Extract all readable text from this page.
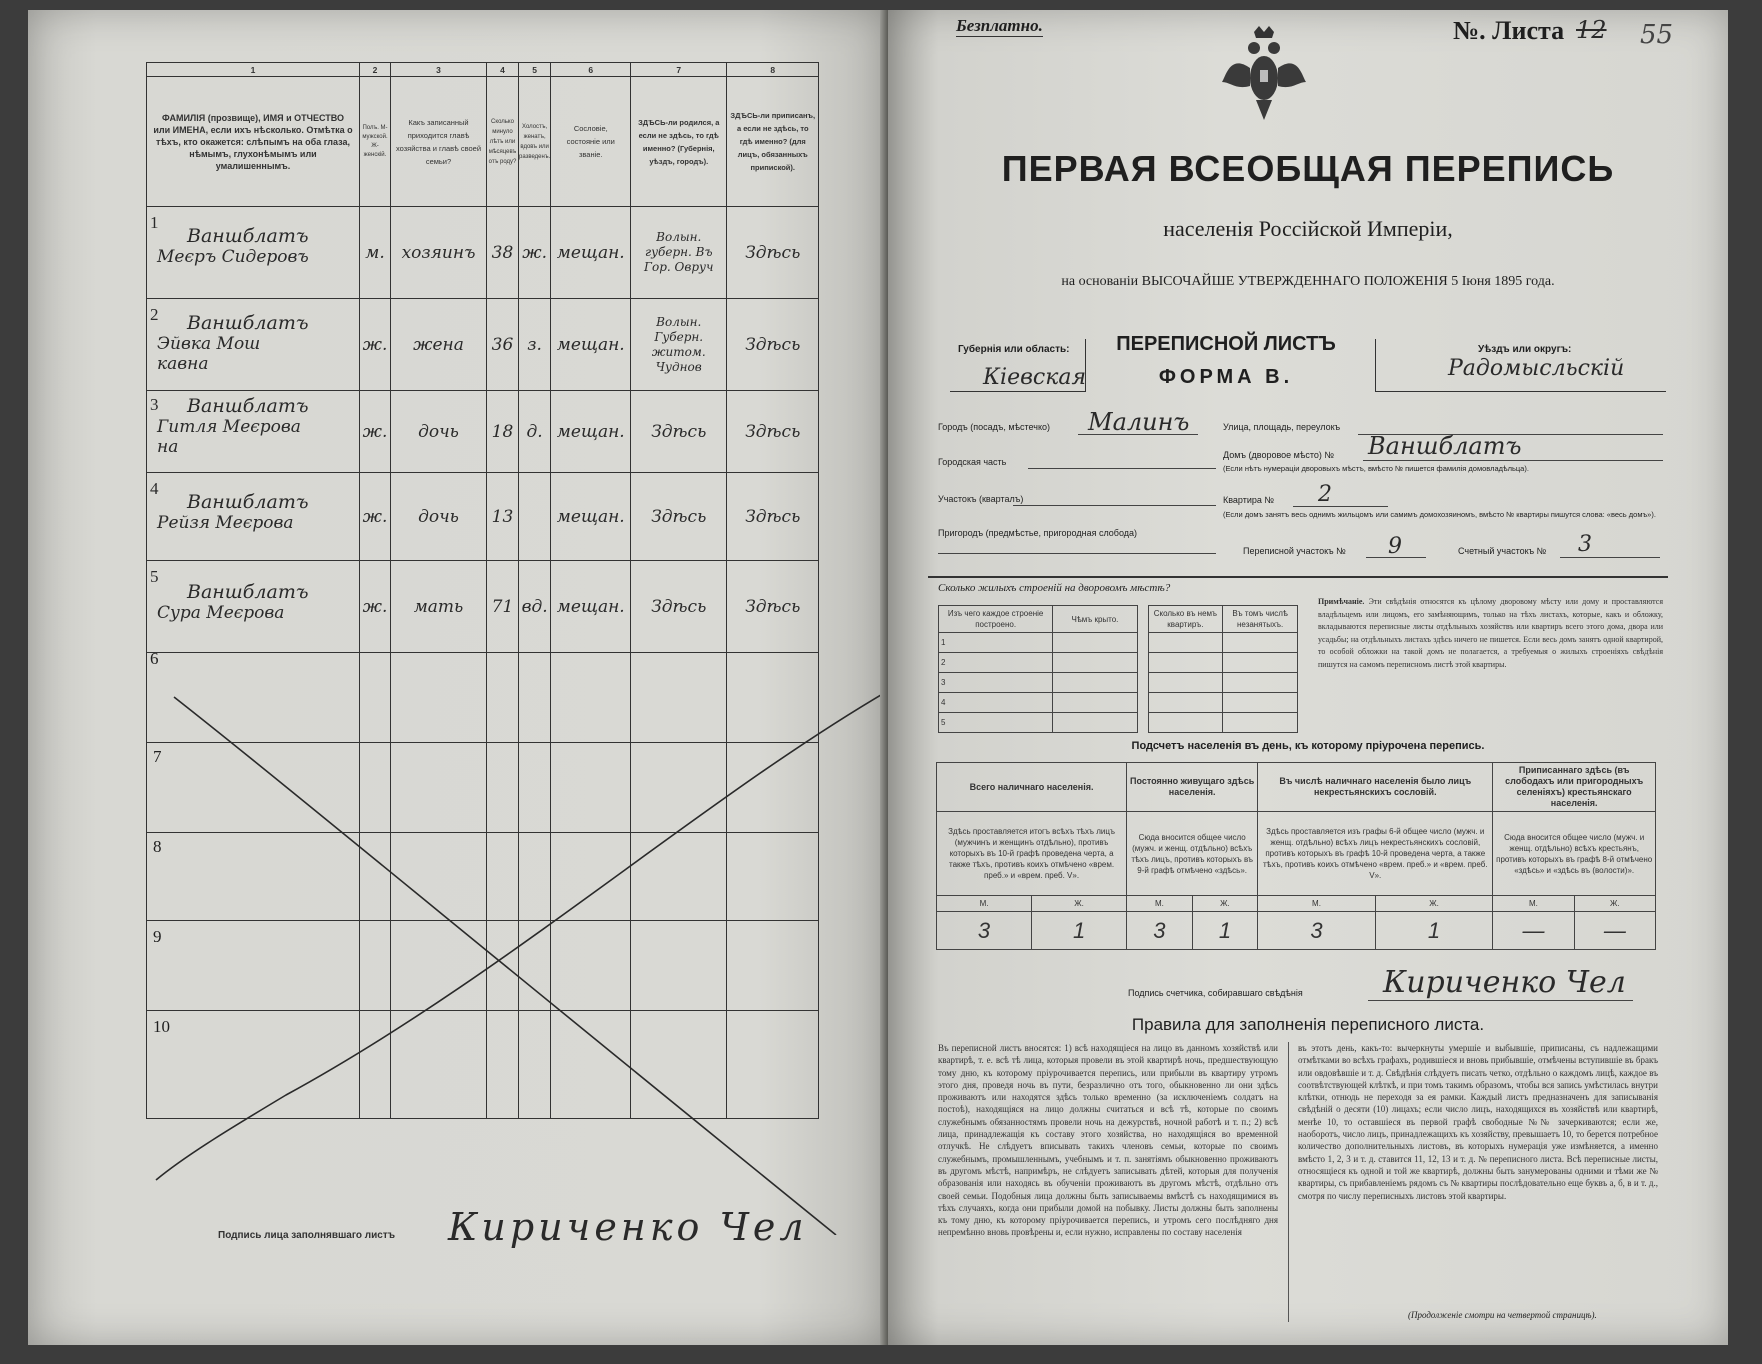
1	2	3	4	5	6	7	8
ФАМИЛІЯ (прозвище), ИМЯ и ОТЧЕСТВО или ИМЕНА, если ихъ нѣсколько. Отмѣтка о тѣхъ, кто окажется: слѣпымъ на оба глаза, нѣмымъ, глухонѣмымъ или умалишеннымъ.	Полъ. М-мужской. Ж-женскій.	Какъ записанный приходится главѣ хозяйства и главѣ своей семьи?	Сколько минуло лѣтъ или мѣсяцевъ отъ роду?	Холостъ, женатъ, вдовъ или разведенъ.	Сословіе, состояніе или званіе.	ЗДѢСЬ-ли родился, а если не здѣсь, то гдѣ именно? (Губернія, уѣздъ, городъ).	ЗДѢСЬ-ли приписанъ, а если не здѣсь, то гдѣ именно? (для лицъ, обязанныхъ припиской).

1
Ваншблатъ
Меєръ Сидеровъ	м.	хозяинъ	38	ж.	мещан.	Волын. губерн. Въ Гор. Овруч	Здѣсь

2 Ваншблатъ
Эйвка Мош
кавна	ж.	жена	36	з.	мещан.	Волын. Губерн. житом. Чуднов	Здѣсь

3 Ваншблатъ
Гитля Меєрова
на	ж.	дочь	18	д.	мещан.	Здѣсь	Здѣсь

4
Ваншблатъ
Рейзя Меєрова	ж.	дочь	13		мещан.	Здѣсь	Здѣсь

5
Ваншблатъ
Сура Меєрова	ж.	мать	71	вд.	мещан.	Здѣсь	Здѣсь

6							

7							

8							

9							

10							

Подпись лица заполнявшаго листъ Кириченко Чел
Безплатно.	№. Листа 12 55
ПЕРВАЯ ВСЕОБЩАЯ ПЕРЕПИСЬ
населенія Россійской Имперіи,
на основаніи ВЫСОЧАЙШЕ УТВЕРЖДЕННАГО ПОЛОЖЕНІЯ 5 Іюня 1895 года.
Губернія или область:
Кіевская
ПЕРЕПИСНОЙ ЛИСТЪ
ФОРМА В.
Уѣздъ или округъ:
Радомысльскій
Городъ (посадъ, мѣстечко) Малинъ	Улица, площадь, переулокъ
Городская часть
Домъ (дворовое мѣсто) № Ваншблатъ
(Если нѣтъ нумераціи дворовыхъ мѣстъ, вмѣсто № пишется фамилія домовладѣльца).
Участокъ (кварталъ)	Квартира № 2
(Если домъ занятъ весь однимъ жильцомъ или самимъ домохозяиномъ, вмѣсто № квартиры пишутся слова: «весь домъ»).
Пригородъ (предмѣстье, пригородная слобода)
Переписной участокъ № 9	Счетный участокъ № 3
Сколько жилыхъ строеній на дворовомъ мѣстѣ?
Изъ чего каждое строеніе построено.	Чѣмъ крыто.		Сколько въ немъ квартиръ.	Въ томъ числѣ незанятыхъ.
1				
2				
3				
4				
5				
Примѣчаніе. Эти свѣдѣнія относятся къ цѣлому дворовому мѣсту или дому и проставляются владѣльцемъ или лицомъ, его замѣняющимъ, только на тѣхъ листахъ, которые, какъ и обложку, вкладываются переписные листы отдѣльныхъ хозяйствъ или квартиръ всего этого дома, двора или усадьбы; на отдѣльныхъ листахъ здѣсь ничего не пишется. Если весь домъ занятъ одной квартирой, то особой обложки на такой домъ не полагается, а требуемыя о жилыхъ строеніяхъ свѣдѣнія пишутся на самомъ переписномъ листѣ этой квартиры.
Подсчетъ населенія въ день, къ которому пріурочена перепись.
Всего наличнаго населенія.		Постоянно живущаго здѣсь населенія.		Въ числѣ наличнаго населенія было лицъ некрестьянскихъ сословій.		Приписаннаго здѣсь (въ слободахъ или пригородныхъ селеніяхъ) крестьянскаго населенія.	
Здѣсь проставляется итогъ всѣхъ тѣхъ лицъ (мужчинъ и женщинъ отдѣльно), противъ которыхъ въ 10-й графѣ проведена черта, а также тѣхъ, противъ коихъ отмѣчено «врем. преб.» и «врем. преб. V».		Сюда вносится общее число (мужч. и женщ. отдѣльно) всѣхъ тѣхъ лицъ, противъ которыхъ въ 9-й графѣ отмѣчено «здѣсь».		Здѣсь проставляется изъ графы 6-й общее число (мужч. и женщ. отдѣльно) всѣхъ лицъ некрестьянскихъ сословій, противъ которыхъ въ графѣ 10-й проведена черта, а также тѣхъ, противъ коихъ отмѣчено «врем. преб.» и «врем. преб. V».		Сюда вносится общее число (мужч. и женщ. отдѣльно) всѣхъ крестьянъ, противъ которыхъ въ графѣ 8-й отмѣчено «здѣсь» и «здѣсь въ (волости)».	
М.	Ж.	М.	Ж.	М.	Ж.	М.	Ж.
3	1	3	1	3	1	—	—
Подпись счетчика, собиравшаго свѣдѣнія	Кириченко Чел
Правила для заполненія переписного листа.
Въ переписной листъ вносятся: 1) всѣ находящіеся на лицо въ данномъ хозяйствѣ или квартирѣ, т. е. всѣ тѣ лица, которыя провели въ этой квартирѣ ночь, предшествующую тому дню, къ которому пріурочивается перепись, или прибыли въ квартиру утромъ этого дня, проведя ночь въ пути, безразлично отъ того, обыкновенно ли они здѣсь проживаютъ или находятся здѣсь только временно (за исключеніемъ солдатъ на постоѣ), находящіяся на лицо должны считаться и всѣ тѣ, которые по своимъ служебнымъ обязанностямъ провели ночь на дежурствѣ, ночной работѣ и т. п.; 2) всѣ лица, принадлежащія къ составу этого хозяйства, но находящіяся во временной отлучкѣ. Не слѣдуетъ вписывать такихъ членовъ семьи, которые по своимъ служебнымъ, промышленнымъ, учебнымъ и т. п. занятіямъ обыкновенно проживаютъ въ другомъ мѣстѣ, напримѣръ, не слѣдуетъ записывать дѣтей, которыя для полученія образованія или находясь въ обученіи проживаютъ въ другомъ мѣстѣ, отдѣльно отъ своей семьи. Подобныя лица должны быть записываемы вмѣстѣ съ находящимися въ тѣхъ случаяхъ, когда они прибыли домой на побывку. Листы должны быть заполнены къ тому дню, къ которому пріурочивается перепись, и утромъ сего послѣдняго дня непремѣнно вновь провѣрены и, если нужно, исправлены по составу населенія
въ этотъ день, какъ-то: вычеркнуты умершіе и выбывшіе, приписаны, съ надлежащими отмѣтками во всѣхъ графахъ, родившіеся и вновь прибывшіе, отмѣчены вступившіе въ бракъ или овдовѣвшіе и т. д. Свѣдѣнія слѣдуетъ писать четко, отдѣльно о каждомъ лицѣ, каждое въ соотвѣтствующей клѣткѣ, и при томъ такимъ образомъ, чтобы вся запись умѣстилась внутри клѣтки, отнюдь не переходя за ея рамки. Каждый листъ предназначенъ для записыванія свѣдѣній о десяти (10) лицахъ; если число лицъ, находящихся въ хозяйствѣ или квартирѣ, менѣе 10, то оставшіеся въ первой графѣ свободные №№ зачеркиваются; если же, наоборотъ, число лицъ, принадлежащихъ къ хозяйству, превышаетъ 10, то берется потребное количество дополнительныхъ листовъ, въ которыхъ нумерація уже измѣняется, а именно вмѣсто 1, 2, 3 и т. д. ставится 11, 12, 13 и т. д. № переписного листа. Всѣ переписные листы, относящіеся къ одной и той же квартирѣ, должны быть занумерованы одними и тѣми же № квартиры, съ прибавленіемъ рядомъ съ № квартиры послѣдовательно еще буквъ а, б, в и т. д., смотря по числу переписныхъ листовъ этой квартиры.
(Продолженіе смотри на четвертой страницѣ).
